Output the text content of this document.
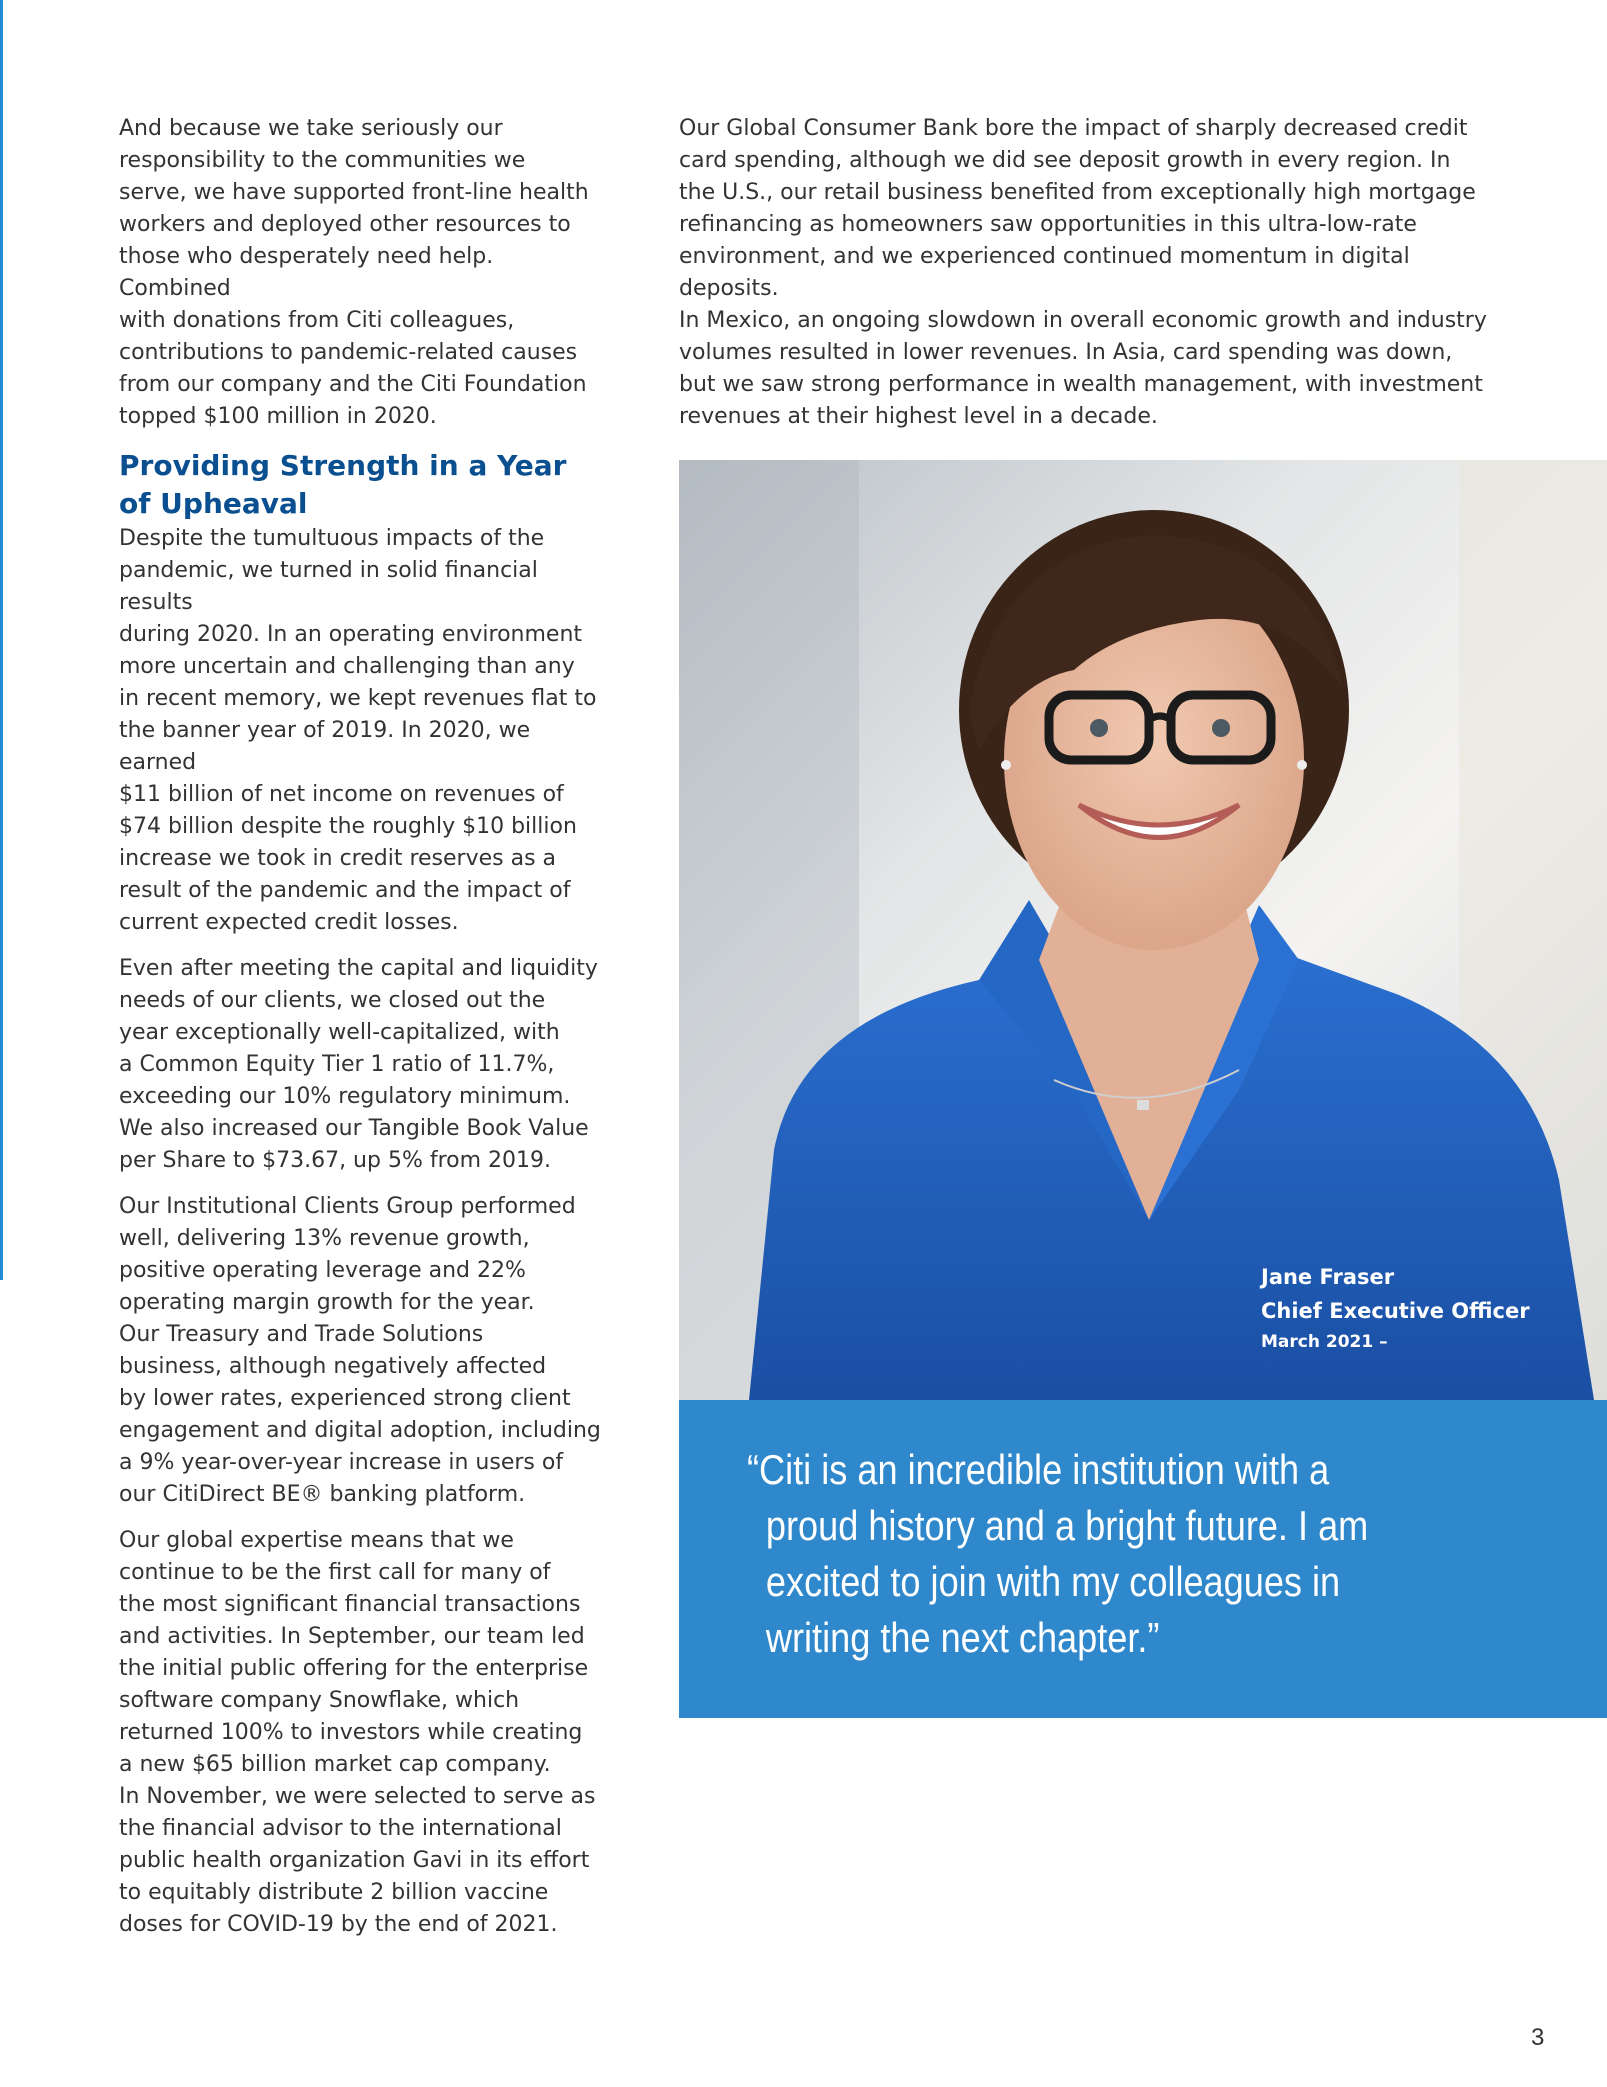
And because we take seriously our
responsibility to the communities we
serve, we have supported front-line health
workers and deployed other resources to
those who desperately need help. Combined
with donations from Citi colleagues,
contributions to pandemic-related causes
from our company and the Citi Foundation
topped $100 million in 2020.

Providing Strength in a Year
of Upheaval

Despite the tumultuous impacts of the
pandemic, we turned in solid financial results
during 2020. In an operating environment
more uncertain and challenging than any
in recent memory, we kept revenues flat to
the banner year of 2019. In 2020, we earned
$11 billion of net income on revenues of
$74 billion despite the roughly $10 billion
increase we took in credit reserves as a
result of the pandemic and the impact of
current expected credit losses.

Even after meeting the capital and liquidity
needs of our clients, we closed out the
year exceptionally well-capitalized, with
a Common Equity Tier 1 ratio of 11.7%,
exceeding our 10% regulatory minimum.
We also increased our Tangible Book Value
per Share to $73.67, up 5% from 2019.

Our Institutional Clients Group performed
well, delivering 13% revenue growth,
positive operating leverage and 22%
operating margin growth for the year.
Our Treasury and Trade Solutions
business, although negatively affected
by lower rates, experienced strong client
engagement and digital adoption, including
a 9% year-over-year increase in users of
our CitiDirect BE® banking platform.

Our global expertise means that we
continue to be the first call for many of
the most significant financial transactions
and activities. In September, our team led
the initial public offering for the enterprise
software company Snowflake, which
returned 100% to investors while creating
a new $65 billion market cap company.
In November, we were selected to serve as
the financial advisor to the international
public health organization Gavi in its effort
to equitably distribute 2 billion vaccine
doses for COVID-19 by the end of 2021.

Our Global Consumer Bank bore the impact of sharply decreased credit
card spending, although we did see deposit growth in every region. In
the U.S., our retail business benefited from exceptionally high mortgage
refinancing as homeowners saw opportunities in this ultra-low-rate
environment, and we experienced continued momentum in digital deposits.
In Mexico, an ongoing slowdown in overall economic growth and industry
volumes resulted in lower revenues. In Asia, card spending was down,
but we saw strong performance in wealth management, with investment
revenues at their highest level in a decade.

Jane Fraser
Chief Executive Officer
March 2021 –

“Citi is an incredible institution with a
proud history and a bright future. I am
excited to join with my colleagues in
writing the next chapter.”

3
